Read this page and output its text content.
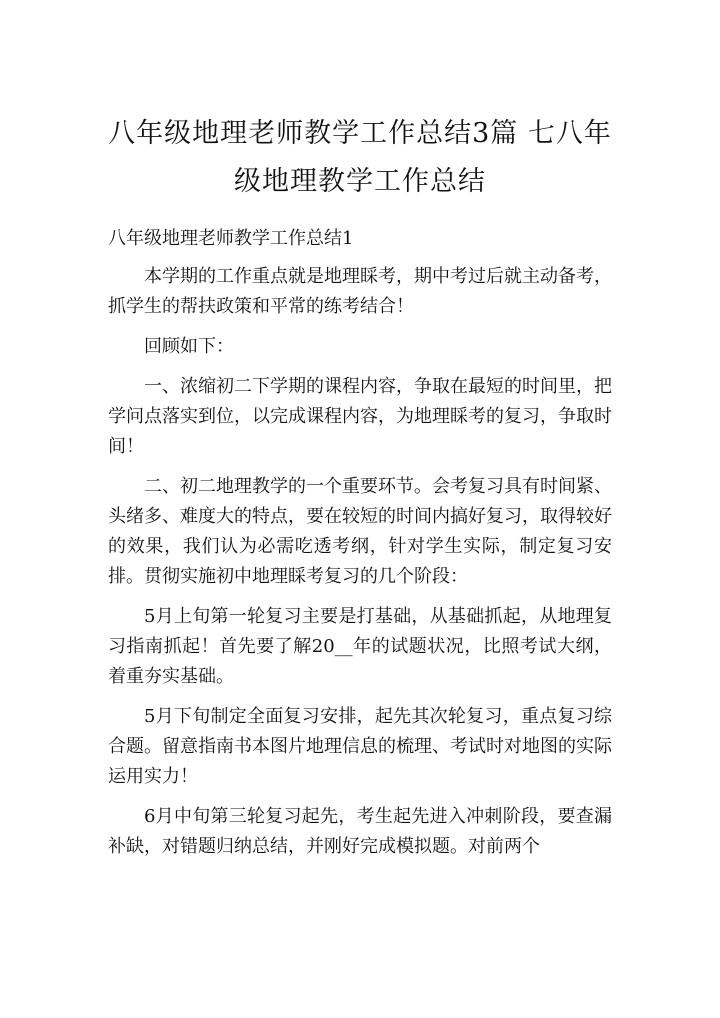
八年级地理老师教学工作总结3篇 七八年级地理教学工作总结

八年级地理老师教学工作总结1

本学期的工作重点就是地理睬考，期中考过后就主动备考，抓学生的帮扶政策和平常的练考结合！

回顾如下：

一、浓缩初二下学期的课程内容，争取在最短的时间里，把学问点落实到位，以完成课程内容，为地理睬考的复习，争取时间！

二、初二地理教学的一个重要环节。会考复习具有时间紧、头绪多、难度大的特点，要在较短的时间内搞好复习，取得较好的效果，我们认为必需吃透考纲，针对学生实际，制定复习安排。贯彻实施初中地理睬考复习的几个阶段：

5月上旬第一轮复习主要是打基础，从基础抓起，从地理复习指南抓起！首先要了解20__年的试题状况，比照考试大纲，着重夯实基础。

5月下旬制定全面复习安排，起先其次轮复习，重点复习综合题。留意指南书本图片地理信息的梳理、考试时对地图的实际运用实力！

6月中旬第三轮复习起先，考生起先进入冲刺阶段，要查漏补缺，对错题归纳总结，并刚好完成模拟题。对前两个
